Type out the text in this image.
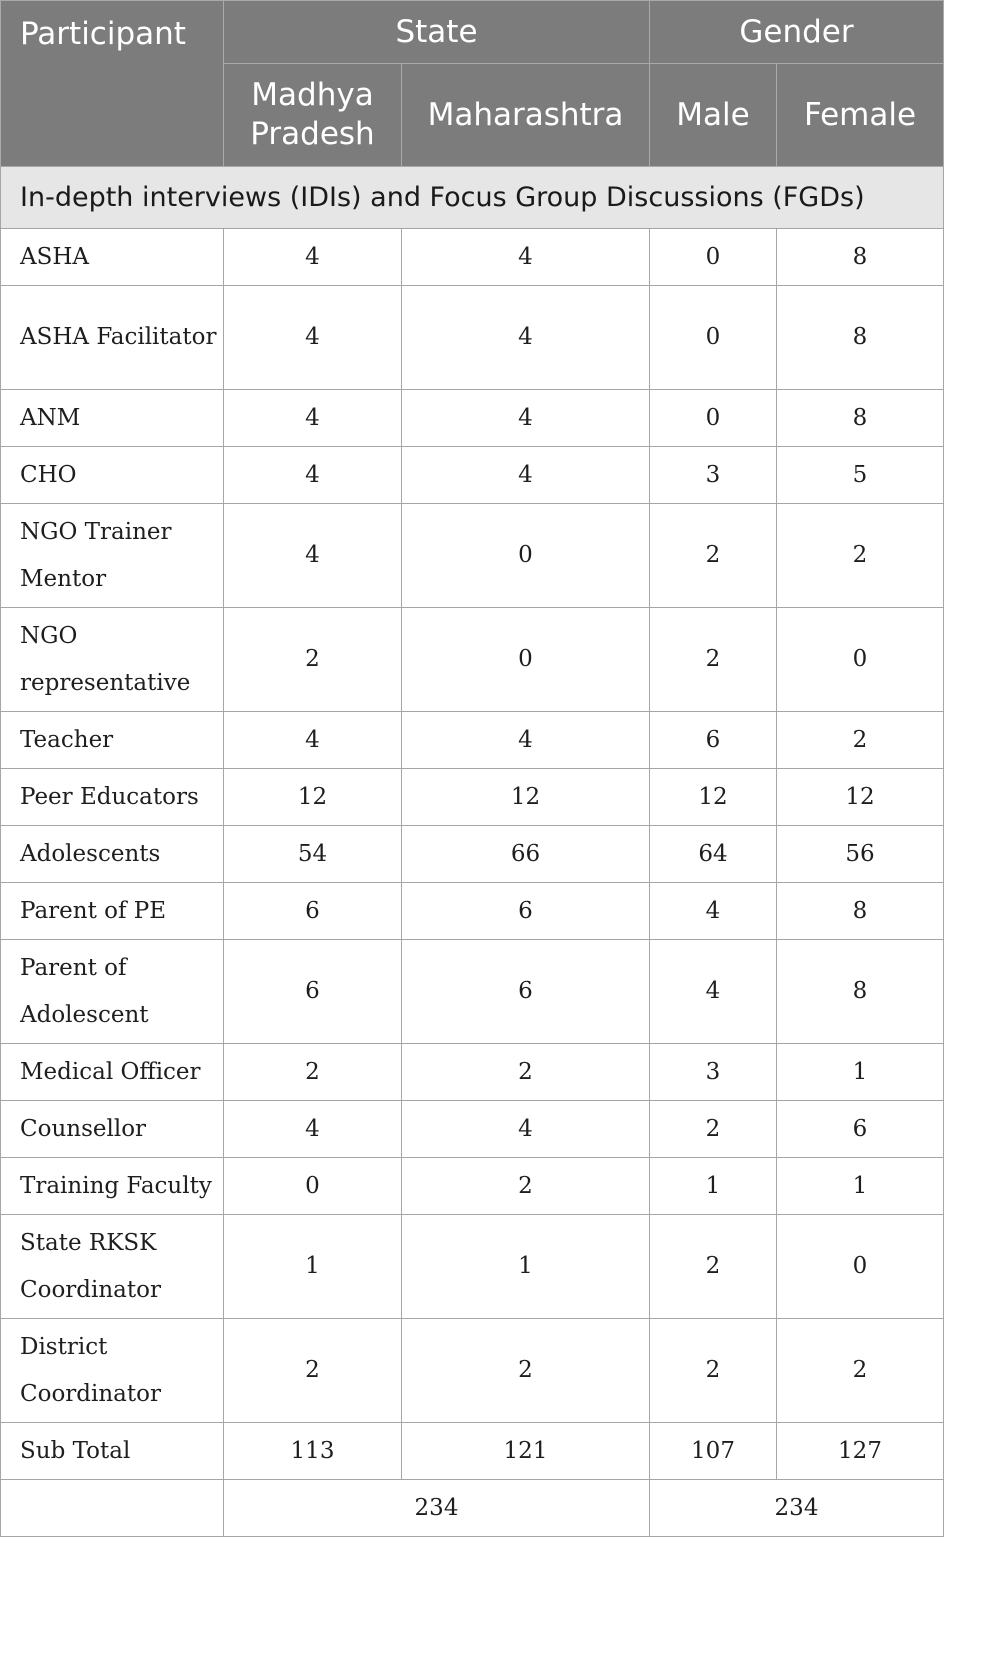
Participant	State		Gender	
	Madhya Pradesh	Maharashtra	Male	Female
In-depth interviews (IDIs) and Focus Group Discussions (FGDs)				
ASHA	4	4	0	8
ASHA Facilitator	4	4	0	8
ANM	4	4	0	8
CHO	4	4	3	5
NGO Trainer Mentor	4	0	2	2
NGO representative	2	0	2	0
Teacher	4	4	6	2
Peer Educators	12	12	12	12
Adolescents	54	66	64	56
Parent of PE	6	6	4	8
Parent of Adolescent	6	6	4	8
Medical Officer	2	2	3	1
Counsellor	4	4	2	6
Training Faculty	0	2	1	1
State RKSK Coordinator	1	1	2	0
District Coordinator	2	2	2	2
Sub Total	113	121	107	127
	234		234	
